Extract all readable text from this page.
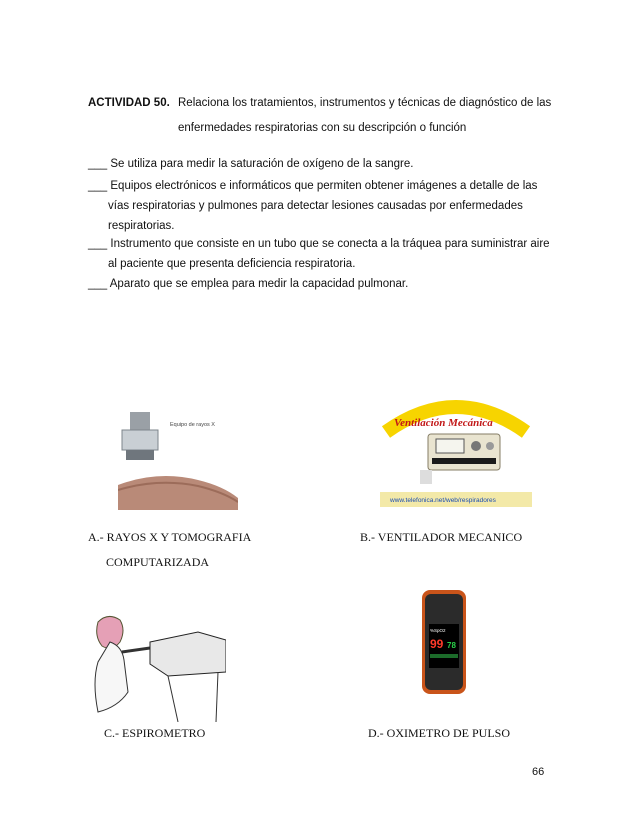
ACTIVIDAD 50. Relaciona los tratamientos, instrumentos y técnicas de diagnóstico de las
enfermedades respiratorias con su descripción o función
___ Se utiliza para medir la saturación de oxígeno de la sangre.
___ Equipos electrónicos e informáticos que permiten obtener imágenes a detalle de las
vías respiratorias y pulmones para detectar lesiones causadas por enfermedades
respiratorias.
___ Instrumento que consiste en un tubo que se conecta a la tráquea para suministrar aire
al paciente que presenta deficiencia respiratoria.
___ Aparato que se emplea para medir la capacidad pulmonar.
Equipo de rayos X	Ventilación Mecánica
www.telefonica.net/web/respiradores
A.- RAYOS X Y TOMOGRAFIA
COMPUTARIZADA
B.- VENTILADOR MECANICO
%SpO2
99 78
C.- ESPIROMETRO	D.- OXIMETRO DE PULSO
66
